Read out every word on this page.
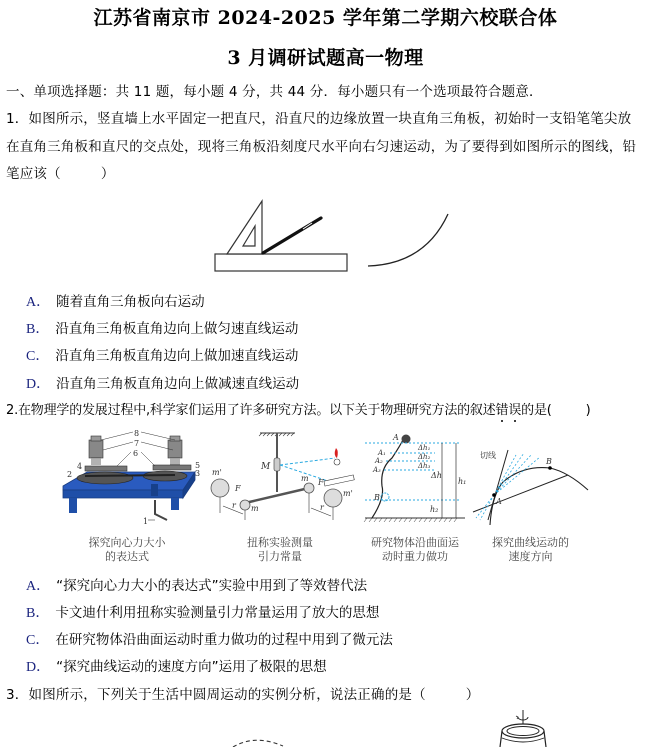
江苏省南京市 2024-2025 学年第二学期六校联合体
3 月调研试题高一物理
一、单项选择题：共 11 题，每小题 4 分，共 44 分．每小题只有一个选项最符合题意．
1．如图所示，竖直墙上水平固定一把直尺，沿直尺的边缘放置一块直角三角板，初始时一支铅笔笔尖放
在直角三角板和直尺的交点处，现将三角板沿刻度尺水平向右匀速运动，为了要得到如图所示的图线，铅
笔应该（	）
A． 随着直角三角板向右运动
B． 沿直角三角板直角边向上做匀速直线运动
C． 沿直角三角板直角边向上做加速直线运动
D． 沿直角三角板直角边向上做减速直线运动
2.在物理学的发展过程中,科学家们运用了许多研究方法。以下关于物理研究方法的叙述错误的是(	)
8
7
6
4
2
5
3
1
探究向心力大小
的表达式
M
m'
m
F
m F
m'
r	r
扭称实验测量
引力常量
A
B
A₁
A₂
A₃
Δh₁
Δh₂
Δh₃
Δh
h₂
h₁
研究物体沿曲面运
动时重力做功
切线
A
B
探究曲线运动的
速度方向
A． “探究向心力大小的表达式”实验中用到了等效替代法
B． 卡文迪什利用扭称实验测量引力常量运用了放大的思想
C． 在研究物体沿曲面运动时重力做功的过程中用到了微元法
D． “探究曲线运动的速度方向”运用了极限的思想
3．如图所示，下列关于生活中圆周运动的实例分析，说法正确的是（	）
